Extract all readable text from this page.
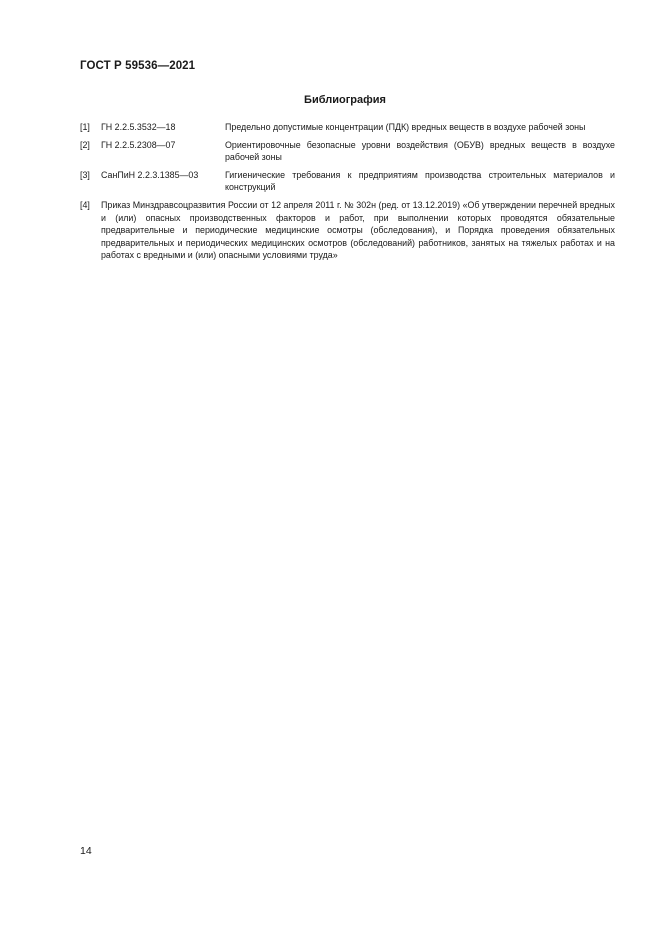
ГОСТ Р 59536—2021
Библиография
[1]	ГН 2.2.5.3532—18	Предельно допустимые концентрации (ПДК) вредных веществ в воздухе рабочей зоны
[2]	ГН 2.2.5.2308—07	Ориентировочные безопасные уровни воздействия (ОБУВ) вредных веществ в воздухе рабочей зоны
[3]	СанПиН 2.2.3.1385—03	Гигиенические требования к предприятиям производства строительных материалов и конструкций
[4]	Приказ Минздравсоцразвития России от 12 апреля 2011 г. № 302н (ред. от 13.12.2019) «Об утверждении перечней вредных и (или) опасных производственных факторов и работ, при выполнении которых проводятся обязательные предварительные и периодические медицинские осмотры (обследования), и Порядка проведения обязательных предварительных и периодических медицинских осмотров (обследований) работников, занятых на тяжелых работах и на работах с вредными и (или) опасными условиями труда»
14
